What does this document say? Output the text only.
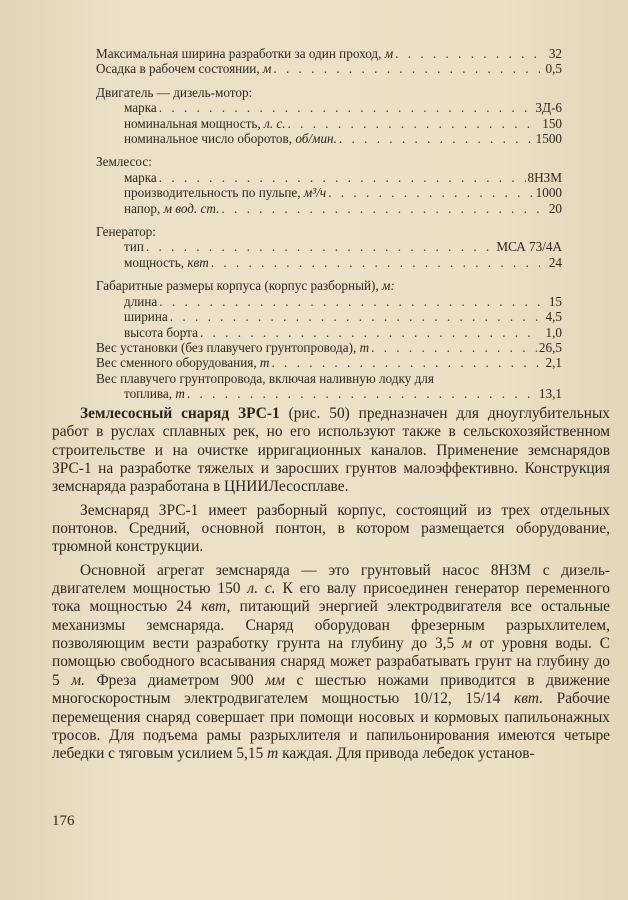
Максимальная ширина разработки за один проход, м . . .	32
Осадка в рабочем состоянии, м . . .	0,5
Двигатель — дизель-мотор:
марка . . .	3Д-6
номинальная мощность, л. с. . . .	150
номинальное число оборотов, об/мин. . . .	1500
Землесос:
марка . . .	8НЗМ
производительность по пульпе, м³/ч . . .	1000
напор, м вод. ст. . . .	20
Генератор:
тип . . .	МСА 73/4А
мощность, квт . . .	24
Габаритные размеры корпуса (корпус разборный), м:
длина . . .	15
ширина . . .	4,5
высота борта . . .	1,0
Вес установки (без плавучего грунтопровода), т . . .	26,5
Вес сменного оборудования, т . . .	2,1
Вес плавучего грунтопровода, включая наливную лодку для
топлива, т . . .	13,1

Землесосный снаряд ЗРС-1 (рис. 50) предназначен для дноуглубительных работ в руслах сплавных рек, но его используют также в сельскохозяйственном строительстве и на очистке ирригационных каналов. Применение земснарядов ЗРС-1 на разработке тяжелых и заросших грунтов малоэффективно. Конструкция земснаряда разработана в ЦНИИЛесосплаве.

Земснаряд ЗРС-1 имеет разборный корпус, состоящий из трех отдельных понтонов. Средний, основной понтон, в котором размещается оборудование, трюмной конструкции.

Основной агрегат земснаряда — это грунтовый насос 8НЗМ с дизель-двигателем мощностью 150 л. с. К его валу присоединен генератор переменного тока мощностью 24 квт, питающий энергией электродвигателя все остальные механизмы земснаряда. Снаряд оборудован фрезерным разрыхлителем, позволяющим вести разработку грунта на глубину до 3,5 м от уровня воды. С помощью свободного всасывания снаряд может разрабатывать грунт на глубину до 5 м. Фреза диаметром 900 мм с шестью ножами приводится в движение многоскоростным электродвигателем мощностью 10/12, 15/14 квт. Рабочие перемещения снаряд совершает при помощи носовых и кормовых папильонажных тросов. Для подъема рамы разрыхлителя и папильонирования имеются четыре лебедки с тяговым усилием 5,15 т каждая. Для привода лебедок установ-

176
